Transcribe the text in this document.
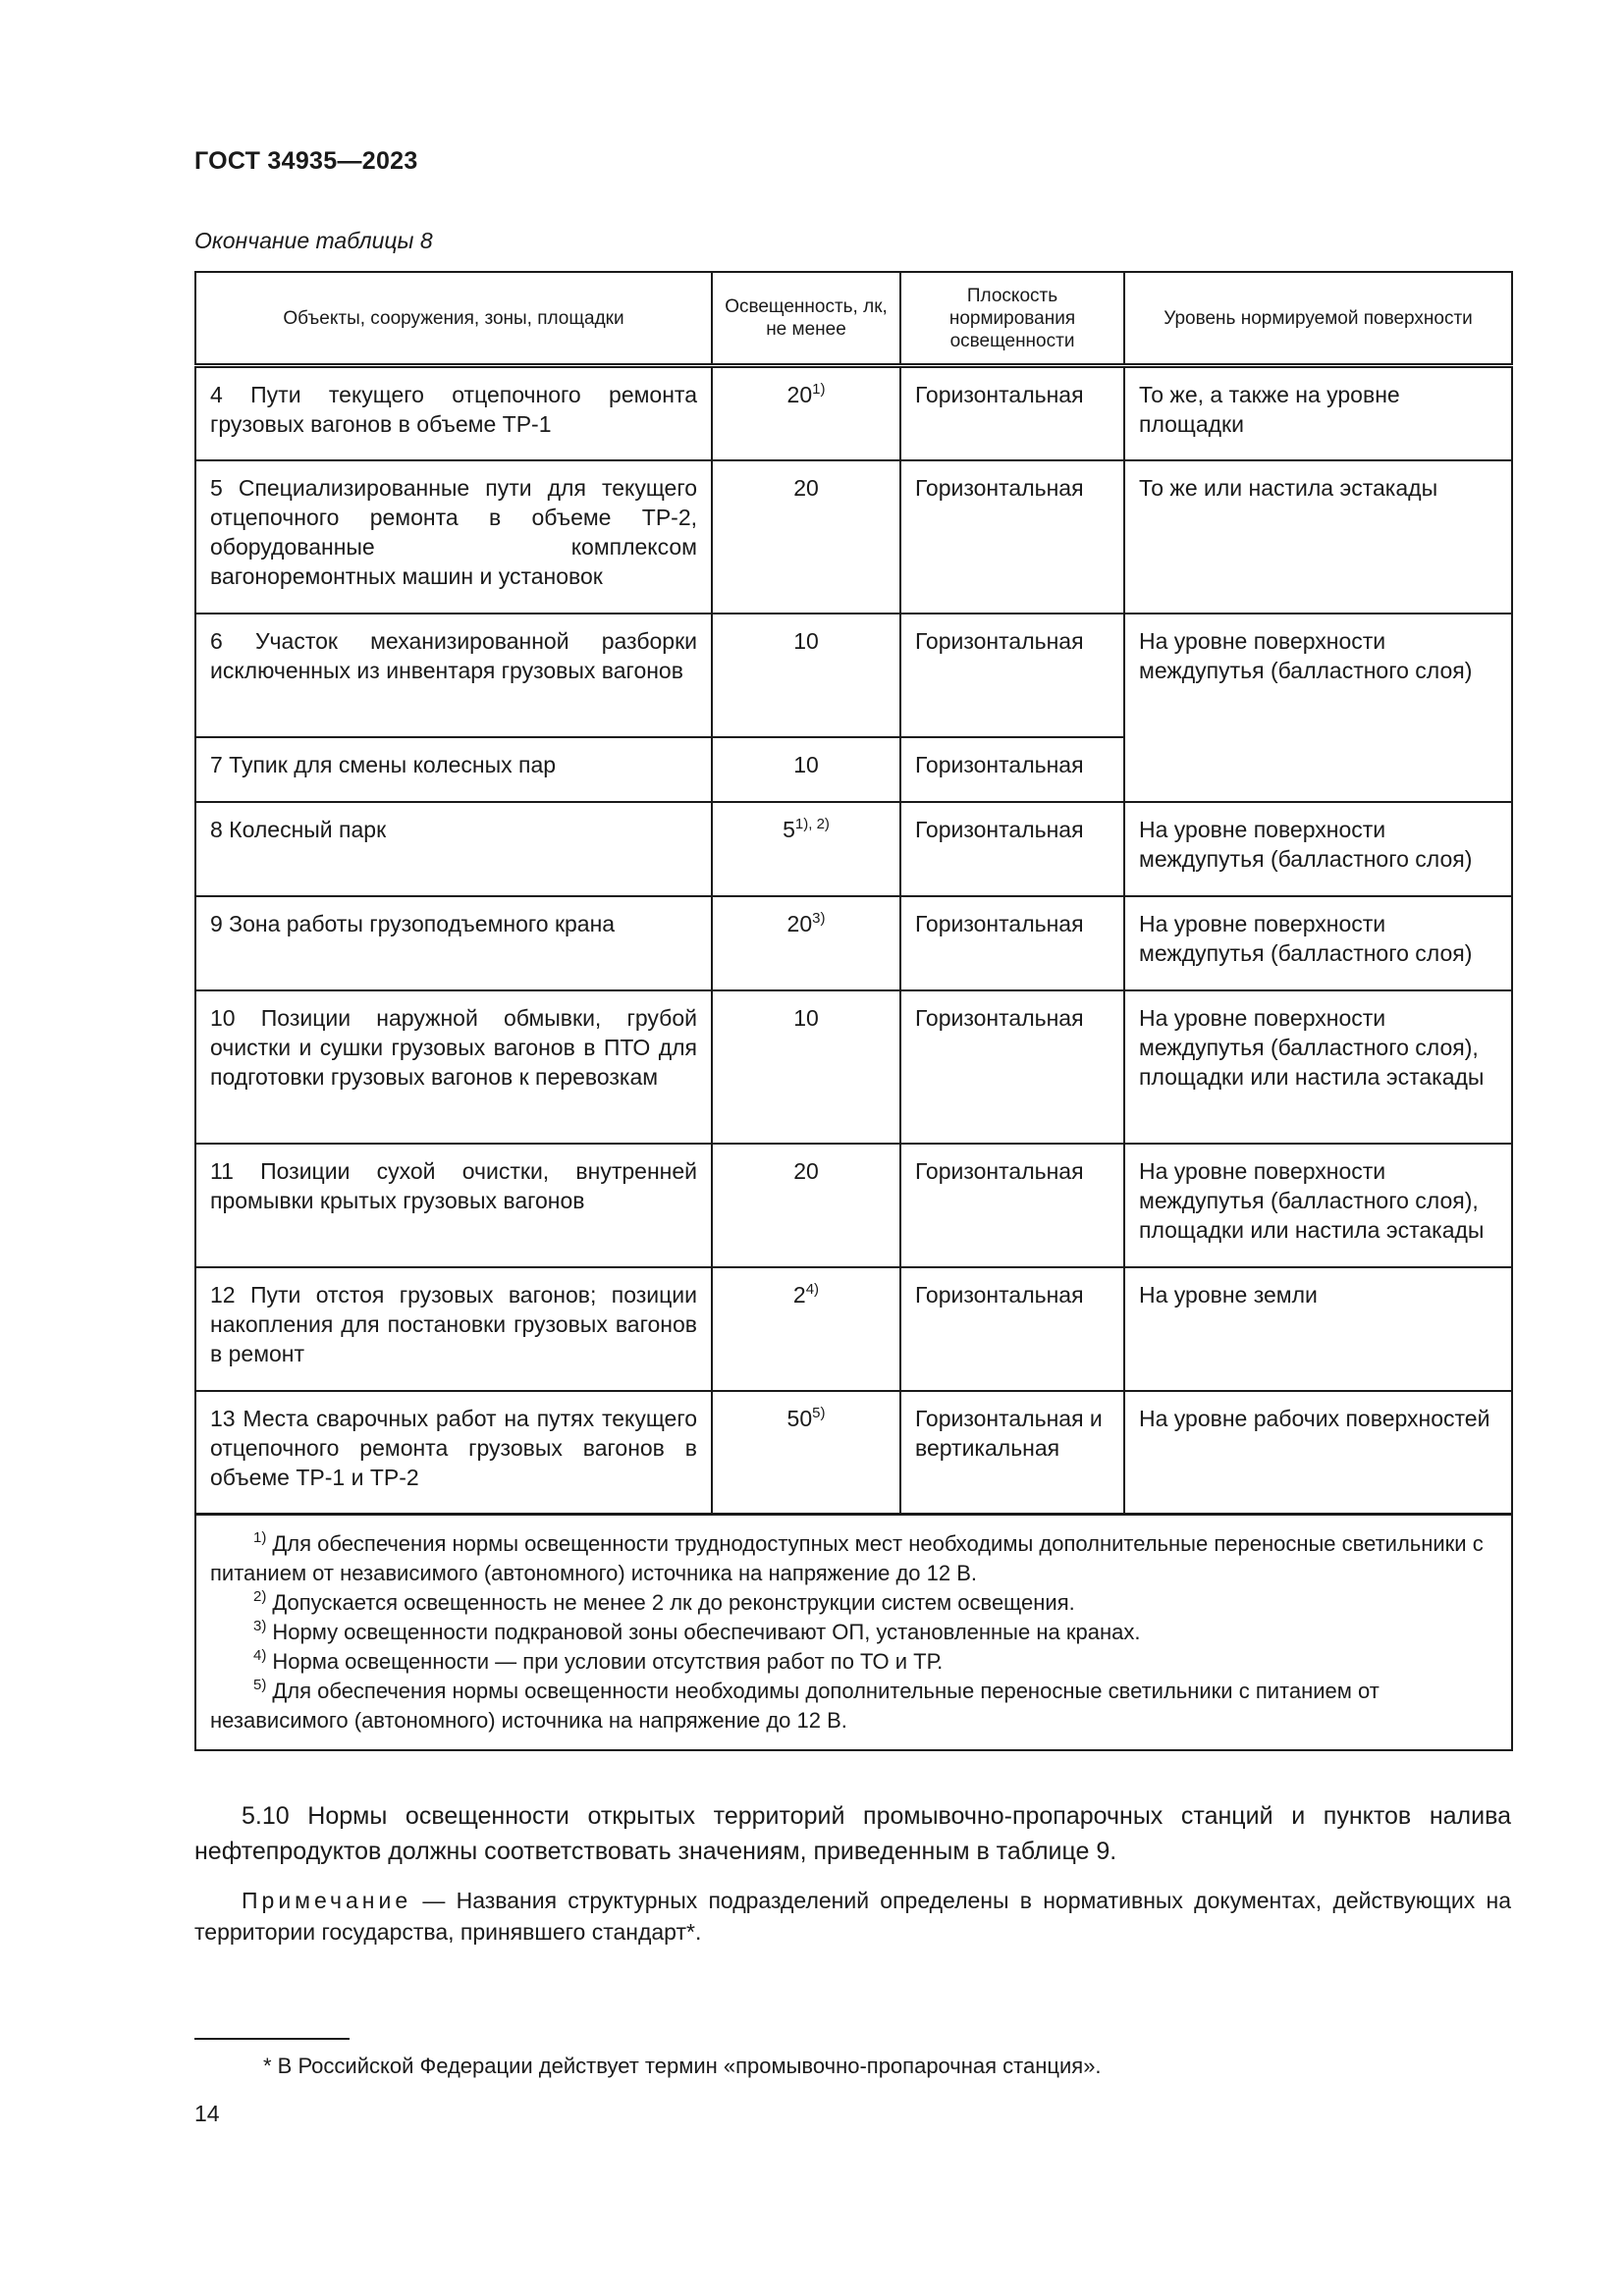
ГОСТ 34935—2023
Окончание таблицы 8
Объекты, сооружения, зоны, площадки	Освещенность, лк, не менее	Плоскость нормирования освещенности	Уровень нормируемой поверхности
4 Пути текущего отцепочного ремонта грузовых вагонов в объеме ТР-1	20$^{1)}$	Горизонтальная	То же, а также на уровне площадки
5 Специализированные пути для текущего отцепочного ремонта в объеме ТР-2, оборудованные комплексом вагоноремонтных машин и установок	20	Горизонтальная	То же или настила эстакады
6 Участок механизированной разборки исключенных из инвентаря грузовых вагонов	10	Горизонтальная	На уровне поверхности междупутья (балластного слоя)
7 Тупик для смены колесных пар	10	Горизонтальная	
8 Колесный парк	$5^{1), 2)}$	Горизонтальная	На уровне поверхности междупутья (балластного слоя)
9 Зона работы грузоподъемного крана	20$^{3)}$	Горизонтальная	На уровне поверхности междупутья (балластного слоя)
10 Позиции наружной обмывки, грубой очистки и сушки грузовых вагонов в ПТО для подготовки грузовых вагонов к перевозкам	10	Горизонтальная	На уровне поверхности междупутья (балластного слоя), площадки или настила эстакады
11 Позиции сухой очистки, внутренней промывки крытых грузовых вагонов	20	Горизонтальная	На уровне поверхности междупутья (балластного слоя), площадки или настила эстакады
12 Пути отстоя грузовых вагонов; позиции накопления для постановки грузовых вагонов в ремонт	2$^{4)}$	Горизонтальная	На уровне земли
13 Места сварочных работ на путях текущего отцепочного ремонта грузовых вагонов в объеме ТР-1 и ТР-2	50$^{5)}$	Горизонтальная и вертикальная	На уровне рабочих поверхностей

$^{1)}$ Для обеспечения нормы освещенности труднодоступных мест необходимы дополнительные переносные светильники с питанием от независимого (автономного) источника на напряжение до 12 В.
$^{2)}$ Допускается освещенность не менее 2 лк до реконструкции систем освещения.
$^{3)}$ Норму освещенности подкрановой зоны обеспечивают ОП, установленные на кранах.
$^{4)}$ Норма освещенности — при условии отсутствия работ по ТО и ТР.
$^{5)}$ Для обеспечения нормы освещенности необходимы дополнительные переносные светильники с питанием от независимого (автономного) источника на напряжение до 12 В.			
5.10 Нормы освещенности открытых территорий промывочно-пропарочных станций и пунктов налива нефтепродуктов должны соответствовать значениям, приведенным в таблице 9.
Примечание — Названия структурных подразделений определены в нормативных документах, действующих на территории государства, принявшего стандарт*.
* В Российской Федерации действует термин «промывочно-пропарочная станция».
14
